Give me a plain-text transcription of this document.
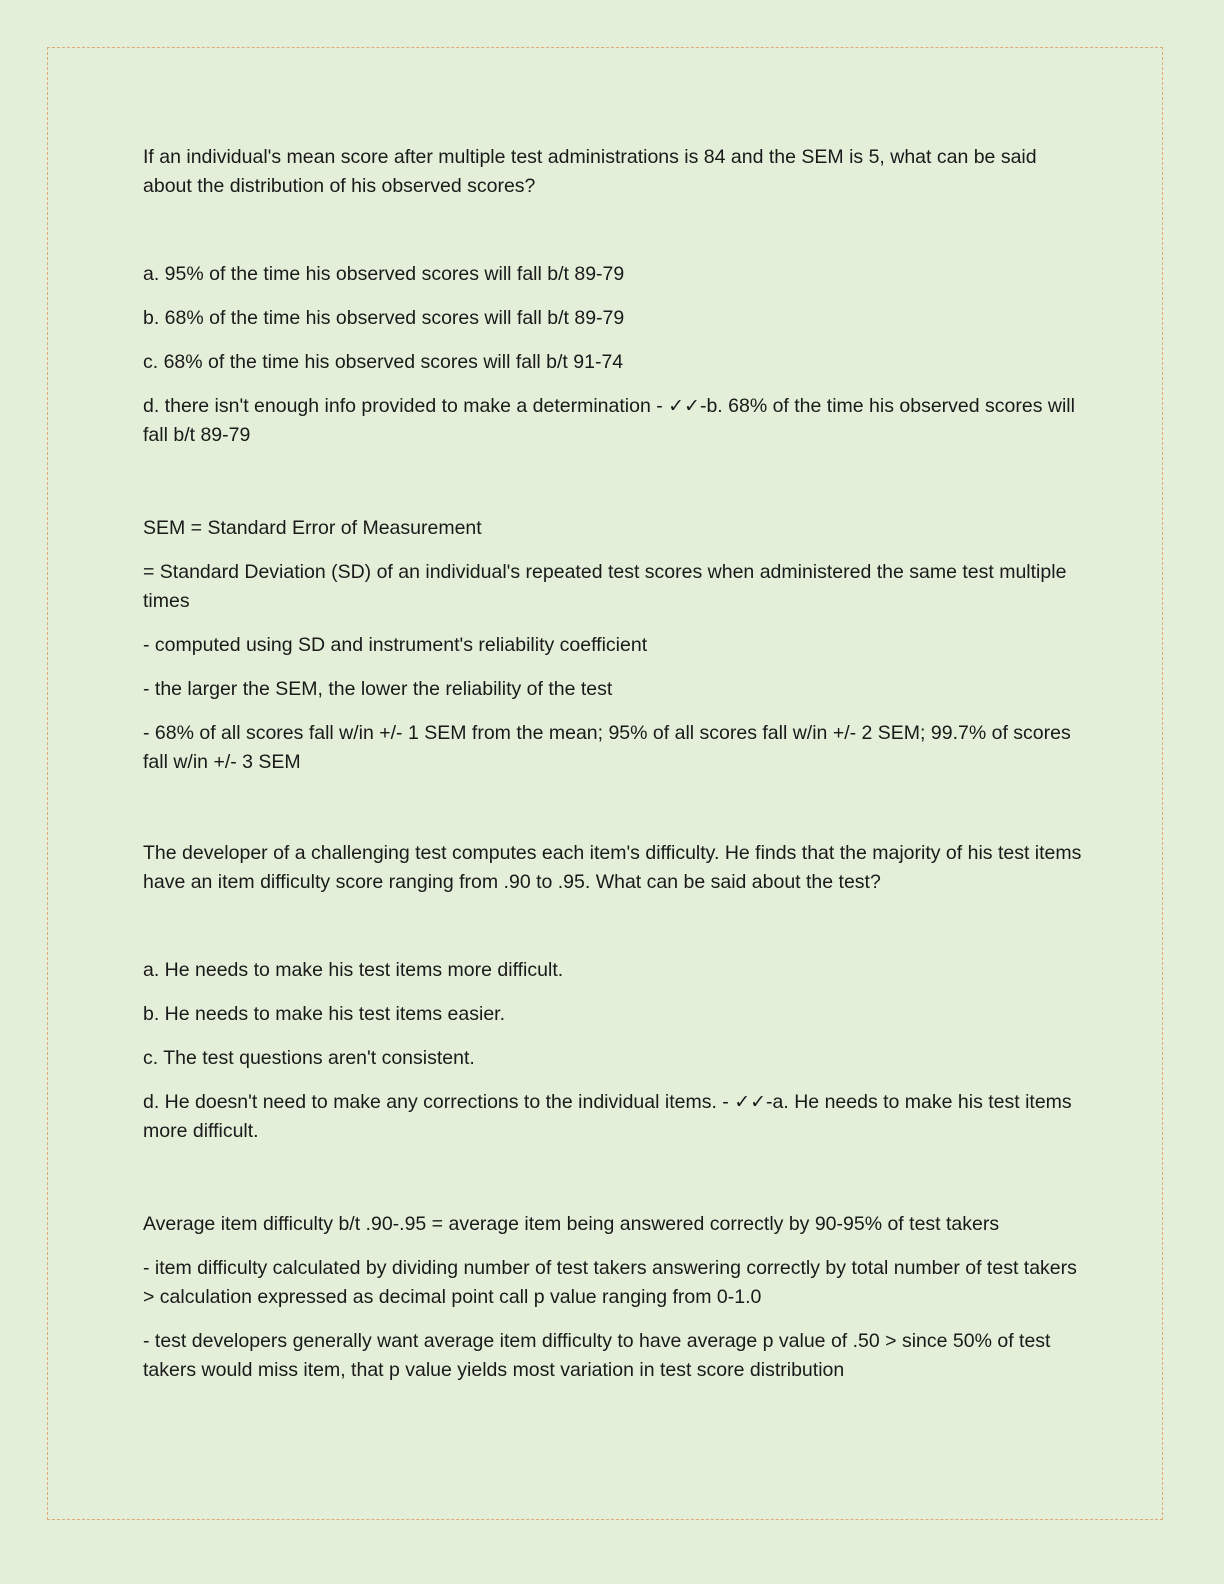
If an individual's mean score after multiple test administrations is 84 and the SEM is 5, what can be said about the distribution of his observed scores?

a. 95% of the time his observed scores will fall b/t 89-79

b. 68% of the time his observed scores will fall b/t 89-79

c. 68% of the time his observed scores will fall b/t 91-74

d. there isn't enough info provided to make a determination - ✓✓-b. 68% of the time his observed scores will fall b/t 89-79

SEM = Standard Error of Measurement

= Standard Deviation (SD) of an individual's repeated test scores when administered the same test multiple times

- computed using SD and instrument's reliability coefficient

- the larger the SEM, the lower the reliability of the test

- 68% of all scores fall w/in +/- 1 SEM from the mean; 95% of all scores fall w/in +/- 2 SEM; 99.7% of scores fall w/in +/- 3 SEM

The developer of a challenging test computes each item's difficulty. He finds that the majority of his test items have an item difficulty score ranging from .90 to .95. What can be said about the test?

a. He needs to make his test items more difficult.

b. He needs to make his test items easier.

c. The test questions aren't consistent.

d. He doesn't need to make any corrections to the individual items. - ✓✓-a. He needs to make his test items more difficult.

Average item difficulty b/t .90-.95 = average item being answered correctly by 90-95% of test takers

- item difficulty calculated by dividing number of test takers answering correctly by total number of test takers > calculation expressed as decimal point call p value ranging from 0-1.0

- test developers generally want average item difficulty to have average p value of .50 > since 50% of test takers would miss item, that p value yields most variation in test score distribution
